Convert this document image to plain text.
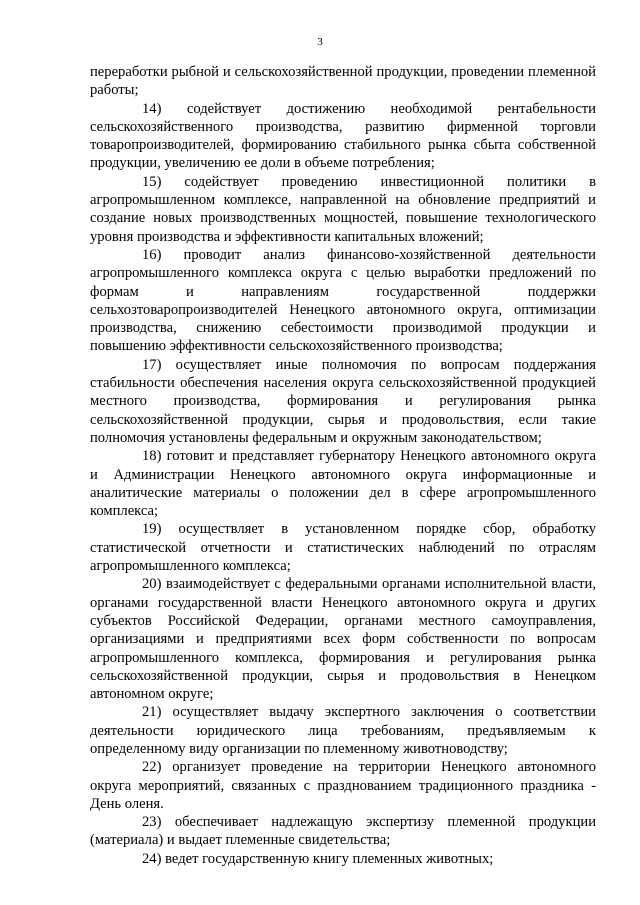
3

переработки рыбной и сельскохозяйственной продукции, проведении племенной работы;

14) содействует достижению необходимой рентабельности сельскохозяйственного производства, развитию фирменной торговли товаропроизводителей, формированию стабильного рынка сбыта собственной продукции, увеличению ее доли в объеме потребления;

15) содействует проведению инвестиционной политики в агропромышленном комплексе, направленной на обновление предприятий и создание новых производственных мощностей, повышение технологического уровня производства и эффективности капитальных вложений;

16) проводит анализ финансово-хозяйственной деятельности агропромышленного комплекса округа с целью выработки предложений по формам и направлениям государственной поддержки сельхозтоваропроизводителей Ненецкого автономного округа, оптимизации производства, снижению себестоимости производимой продукции и повышению эффективности сельскохозяйственного производства;

17) осуществляет иные полномочия по вопросам поддержания стабильности обеспечения населения округа сельскохозяйственной продукцией местного производства, формирования и регулирования рынка сельскохозяйственной продукции, сырья и продовольствия, если такие полномочия установлены федеральным и окружным законодательством;

18) готовит и представляет губернатору Ненецкого автономного округа и Администрации Ненецкого автономного округа информационные и аналитические материалы о положении дел в сфере агропромышленного комплекса;

19) осуществляет в установленном порядке сбор, обработку статистической отчетности и статистических наблюдений по отраслям агропромышленного комплекса;

20) взаимодействует с федеральными органами исполнительной власти, органами государственной власти Ненецкого автономного округа и других субъектов Российской Федерации, органами местного самоуправления, организациями и предприятиями всех форм собственности по вопросам агропромышленного комплекса, формирования и регулирования рынка сельскохозяйственной продукции, сырья и продовольствия в Ненецком автономном округе;

21) осуществляет выдачу экспертного заключения о соответствии деятельности юридического лица требованиям, предъявляемым к определенному виду организации по племенному животноводству;

22) организует проведение на территории Ненецкого автономного округа мероприятий, связанных с празднованием традиционного праздника - День оленя.

23) обеспечивает надлежащую экспертизу племенной продукции (материала) и выдает племенные свидетельства;

24) ведет государственную книгу племенных животных;
